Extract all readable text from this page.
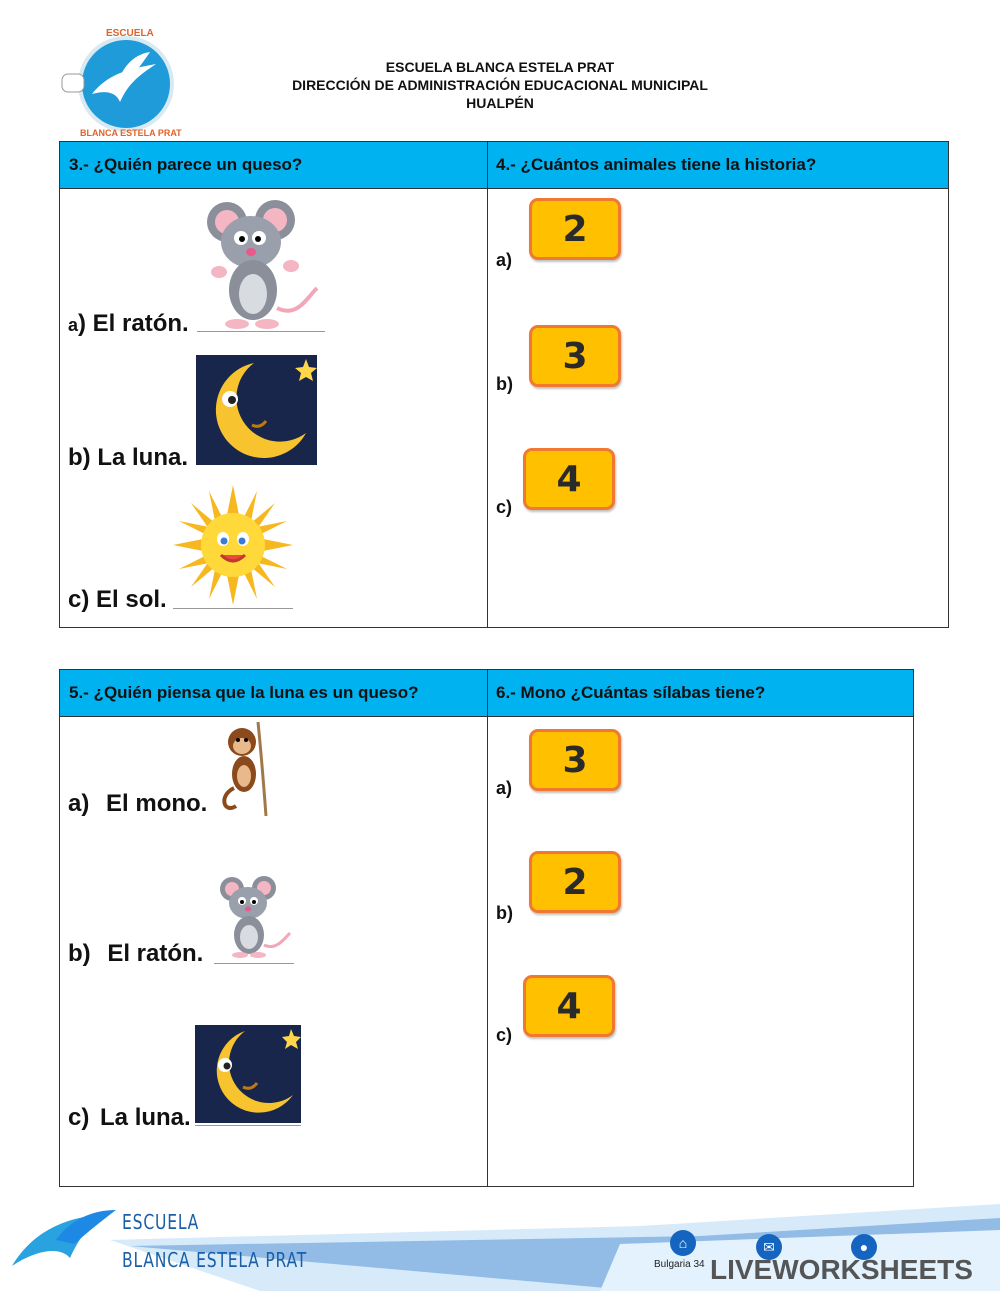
ESCUELA
BLANCA ESTELA PRAT
ESCUELA BLANCA ESTELA PRAT
DIRECCIÓN DE ADMINISTRACIÓN EDUCACIONAL MUNICIPAL
HUALPÉN
3.- ¿Quién parece un queso?	4.- ¿Cuántos animales tiene la historia?
a) El ratón.
b) La luna.
c) El sol.
a)
2
b)
3
c)
4
5.- ¿Quién piensa que la luna es un queso?	6.- Mono ¿Cuántas sílabas tiene?
a) El mono.
b) El ratón.
c) La luna.
a)
3
b)
2
c)
4
ESCUELA
BLANCA ESTELA PRAT
⌂	✉	●
Bulgaria 34 LIVEWORKSHEETS
